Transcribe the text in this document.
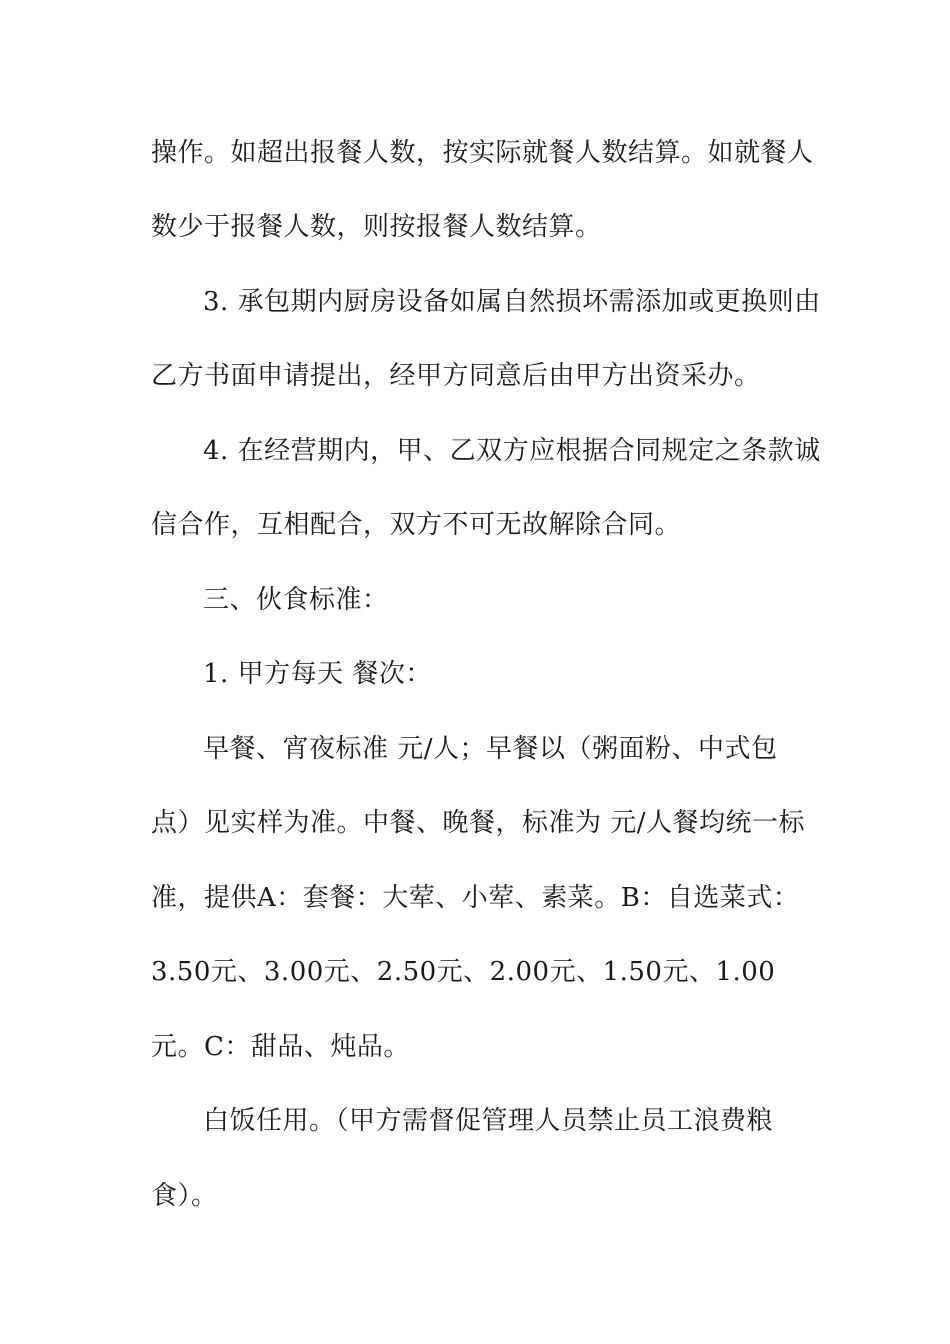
操作。如超出报餐人数，按实际就餐人数结算。如就餐人
数少于报餐人数，则按报餐人数结算。
3. 承包期内厨房设备如属自然损坏需添加或更换则由
乙方书面申请提出，经甲方同意后由甲方出资采办。
4. 在经营期内，甲、乙双方应根据合同规定之条款诚
信合作，互相配合，双方不可无故解除合同。
三、伙食标准：
1. 甲方每天 餐次：
早餐、宵夜标准 元/人；早餐以（粥面粉、中式包
点）见实样为准。中餐、晚餐，标准为 元/人餐均统一标
准，提供A：套餐：大荤、小荤、素菜。B：自选菜式：
3.50元、3.00元、2.50元、2.00元、1.50元、1.00
元。C：甜品、炖品。
白饭任用。（甲方需督促管理人员禁止员工浪费粮
食）。
